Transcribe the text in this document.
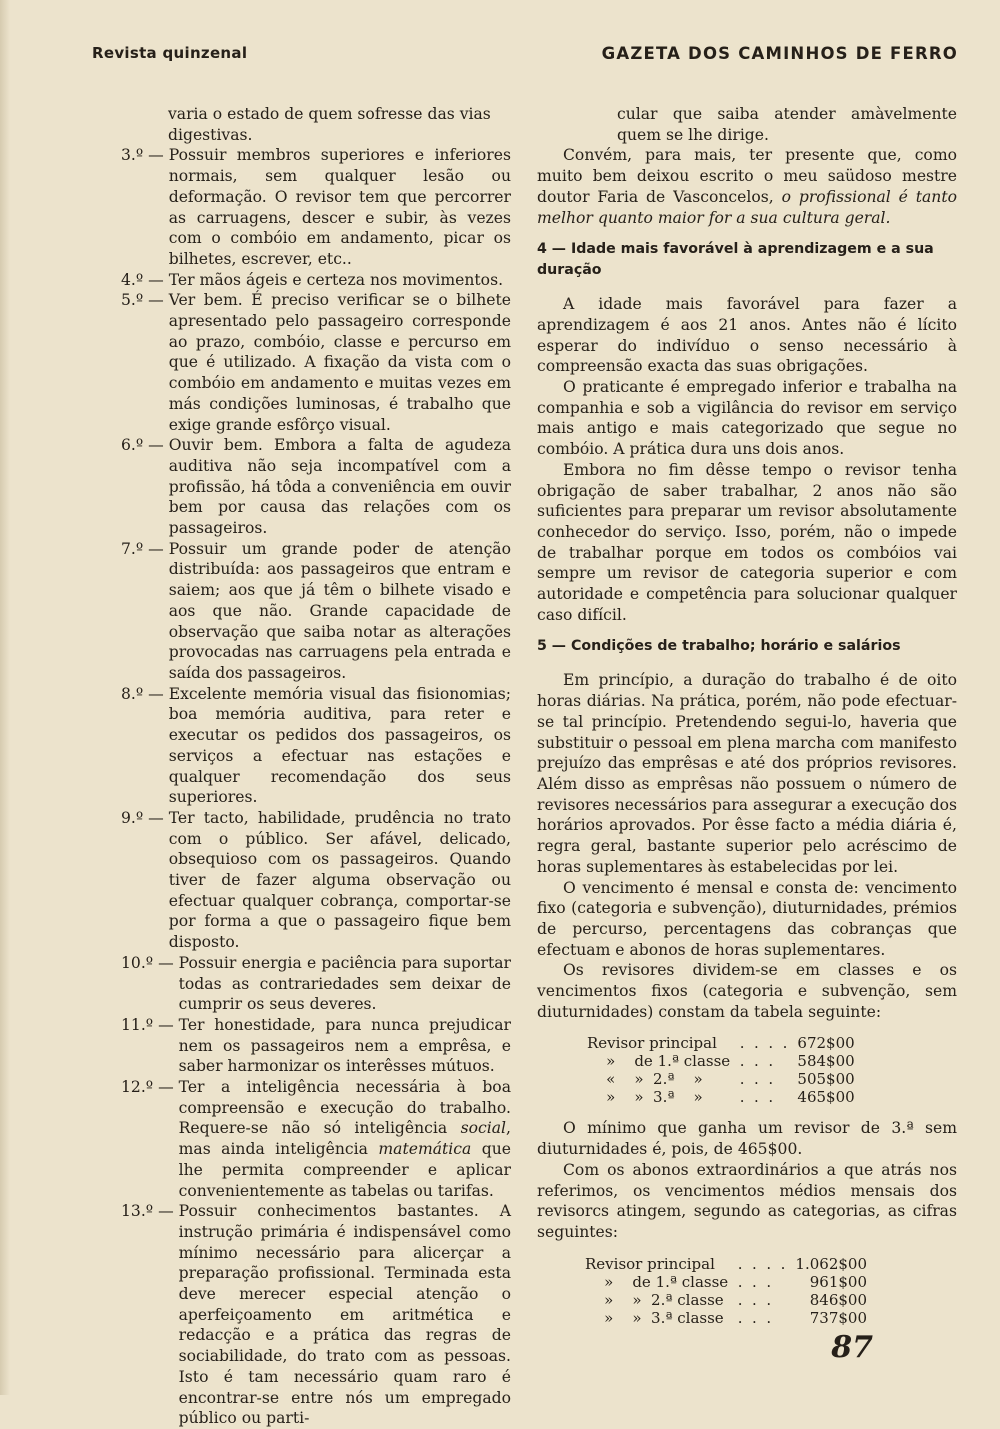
Revista quinzenal	GAZETA DOS CAMINHOS DE FERRO

varia o estado de quem sofresse das vias

digestivas.

3.º — Possuir membros superiores e inferiores normais, sem qualquer lesão ou deformação. O revisor tem que percorrer as carruagens, descer e subir, às vezes com o combóio em andamento, picar os bilhetes, escrever, etc..
4.º — Ter mãos ágeis e certeza nos movimentos.
5.º — Ver bem. É preciso verificar se o bilhete apresentado pelo passageiro corresponde ao prazo, combóio, classe e percurso em que é utilizado. A fixação da vista com o combóio em andamento e muitas vezes em más condições luminosas, é trabalho que exige grande esfôrço visual.
6.º — Ouvir bem. Embora a falta de agudeza auditiva não seja incompatível com a profissão, há tôda a conveniência em ouvir bem por causa das relações com os passageiros.
7.º — Possuir um grande poder de atenção distribuída: aos passageiros que entram e saiem; aos que já têm o bilhete visado e aos que não. Grande capacidade de observação que saiba notar as alterações provocadas nas carruagens pela entrada e saída dos passageiros.
8.º — Excelente memória visual das fisionomias; boa memória auditiva, para reter e executar os pedidos dos passageiros, os serviços a efectuar nas estações e qualquer recomendação dos seus superiores.
9.º — Ter tacto, habilidade, prudência no trato com o público. Ser afável, delicado, obsequioso com os passageiros. Quando tiver de fazer alguma observação ou efectuar qualquer cobrança, comportar-se por forma a que o passageiro fique bem disposto.
10.º — Possuir energia e paciência para suportar todas as contrariedades sem deixar de cumprir os seus deveres.
11.º — Ter honestidade, para nunca prejudicar nem os passageiros nem a emprêsa, e saber harmonizar os interêsses mútuos.
12.º — Ter a inteligência necessária à boa compreensão e execução do trabalho. Requere-se não só inteligência social, mas ainda inteligência matemática que lhe permita compreender e aplicar convenientemente as tabelas ou tarifas.
13.º — Possuir conhecimentos bastantes. A instrução primária é indispensável como mínimo necessário para alicerçar a preparação profissional. Terminada esta deve merecer especial atenção o aperfeiçoamento em aritmética e redacção e a prática das regras de sociabilidade, do trato com as pessoas. Isto é tam necessário quam raro é encontrar-se entre nós um empregado público ou parti-

cular que saiba atender amàvelmente quem se lhe dirige.

Convém, para mais, ter presente que, como muito bem deixou escrito o meu saüdoso mestre doutor Faria de Vasconcelos, o profissional é tanto melhor quanto maior for a sua cultura geral.

4 — Idade mais favorável à aprendizagem e a sua duração

A idade mais favorável para fazer a aprendizagem é aos 21 anos. Antes não é lícito esperar do indivíduo o senso necessário à compreensão exacta das suas obrigações.

O praticante é empregado inferior e trabalha na companhia e sob a vigilância do revisor em serviço mais antigo e mais categorizado que segue no combóio. A prática dura uns dois anos.

Embora no fim dêsse tempo o revisor tenha obrigação de saber trabalhar, 2 anos não são suficientes para preparar um revisor absolutamente conhecedor do serviço. Isso, porém, não o impede de trabalhar porque em todos os combóios vai sempre um revisor de categoria superior e com autoridade e competência para solucionar qualquer caso difícil.

5 — Condições de trabalho; horário e salários

Em princípio, a duração do trabalho é de oito horas diárias. Na prática, porém, não pode efectuar-se tal princípio. Pretendendo segui-lo, haveria que substituir o pessoal em plena marcha com manifesto prejuízo das emprêsas e até dos próprios revisores. Além disso as emprêsas não possuem o número de revisores necessários para assegurar a execução dos horários aprovados. Por êsse facto a média diária é, regra geral, bastante superior pelo acréscimo de horas suplementares às estabelecidas por lei.

O vencimento é mensal e consta de: vencimento fixo (categoria e subvenção), diuturnidades, prémios de percurso, percentagens das cobranças que efectuam e abonos de horas suplementares.

Os revisores dividem-se em classes e os vencimentos fixos (categoria e subvenção, sem diuturnidades) constam da tabela seguinte:

Revisor principal	.  .  .  .	672$00
»    de 1.ª classe	.  .  .	584$00
«    »  2.ª    »	.  .  .	505$00
»    »  3.ª    »	.  .  .	465$00

O mínimo que ganha um revisor de 3.ª sem diuturnidades é, pois, de 465$00.

Com os abonos extraordinários a que atrás nos referimos, os vencimentos médios mensais dos revisorcs atingem, segundo as categorias, as cifras seguintes:

Revisor principal	.  .  .  .	1.062$00
»    de 1.ª classe	.  .  .	961$00
»    »  2.ª classe	.  .  .	846$00
»    »  3.ª classe	.  .  .	737$00
87
